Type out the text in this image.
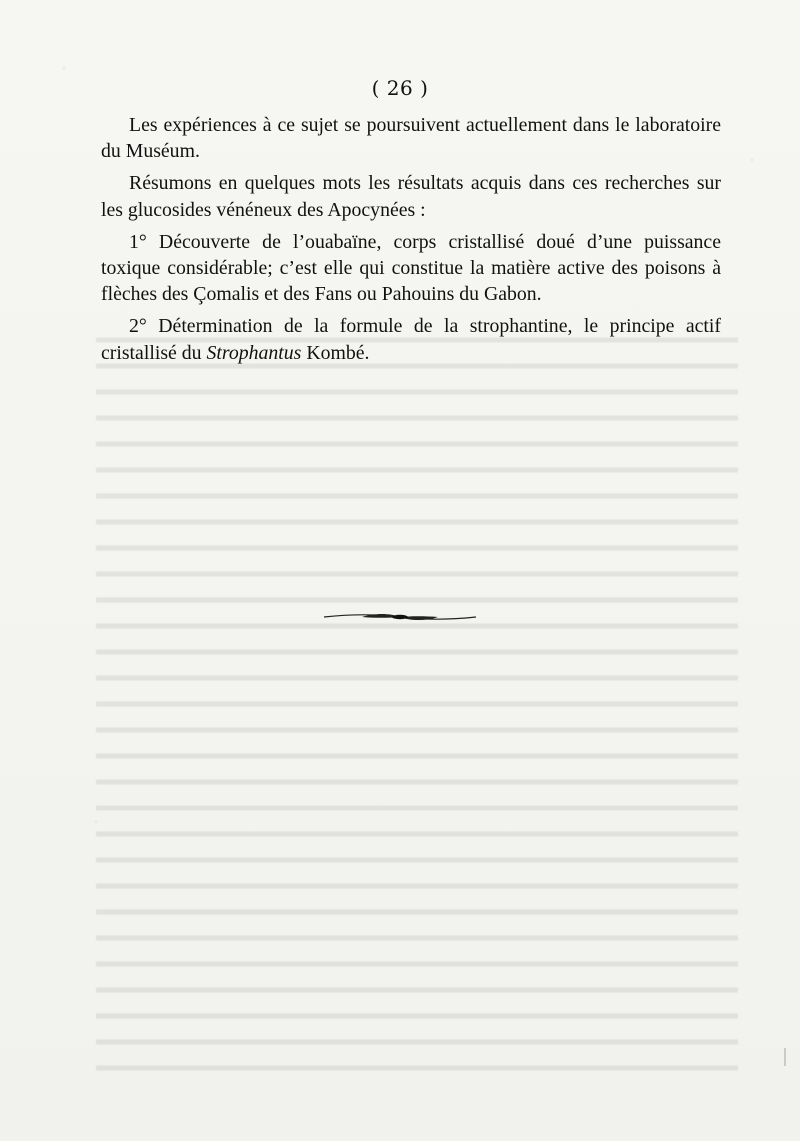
( 26 )

Les expériences à ce sujet se poursuivent actuellement dans le laboratoire du Muséum.

Résumons en quelques mots les résultats acquis dans ces recherches sur les glucosides vénéneux des Apocynées :

1° Découverte de l’ouabaïne, corps cristallisé doué d’une puissance toxique considérable; c’est elle qui constitue la matière active des poisons à flèches des Çomalis et des Fans ou Pahouins du Gabon.

2° Détermination de la formule de la strophantine, le principe actif cristallisé du Strophantus Kombé.
